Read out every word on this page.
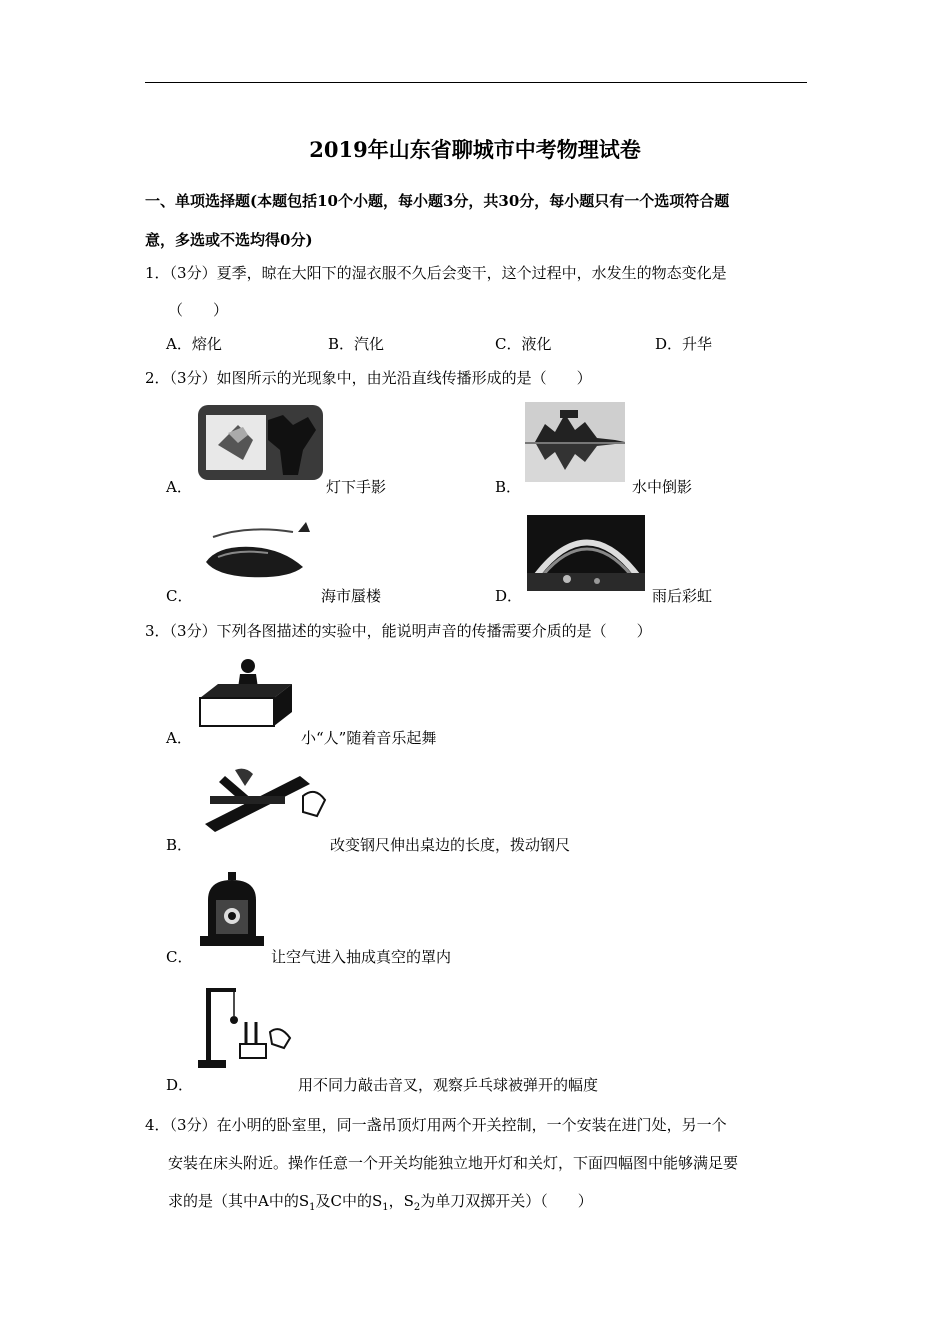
2019年山东省聊城市中考物理试卷
一、单项选择题(本题包括10个小题，每小题3分，共30分，每小题只有一个选项符合题
意，多选或不选均得0分)
1．（3分）夏季，晾在大阳下的湿衣服不久后会变干，这个过程中，水发生的物态变化是
（　　）
A．熔化	B．汽化	C．液化	D．升华
2．（3分）如图所示的光现象中，由光沿直线传播形成的是（　　）
A．	灯下手影	B．	水中倒影
C．	海市蜃楼	D．	雨后彩虹
3．（3分）下列各图描述的实验中，能说明声音的传播需要介质的是（　　）
A．	小“人”随着音乐起舞
B．	改变钢尺伸出桌边的长度，拨动钢尺
C．	让空气进入抽成真空的罩内
D．	用不同力敲击音叉，观察乒乓球被弹开的幅度
4．（3分）在小明的卧室里，同一盏吊顶灯用两个开关控制，一个安装在进门处，另一个
安装在床头附近。操作任意一个开关均能独立地开灯和关灯，下面四幅图中能够满足要
求的是（其中A中的$S_1$及C中的$S_1$，$S_2$为单刀双掷开关）（　　）
